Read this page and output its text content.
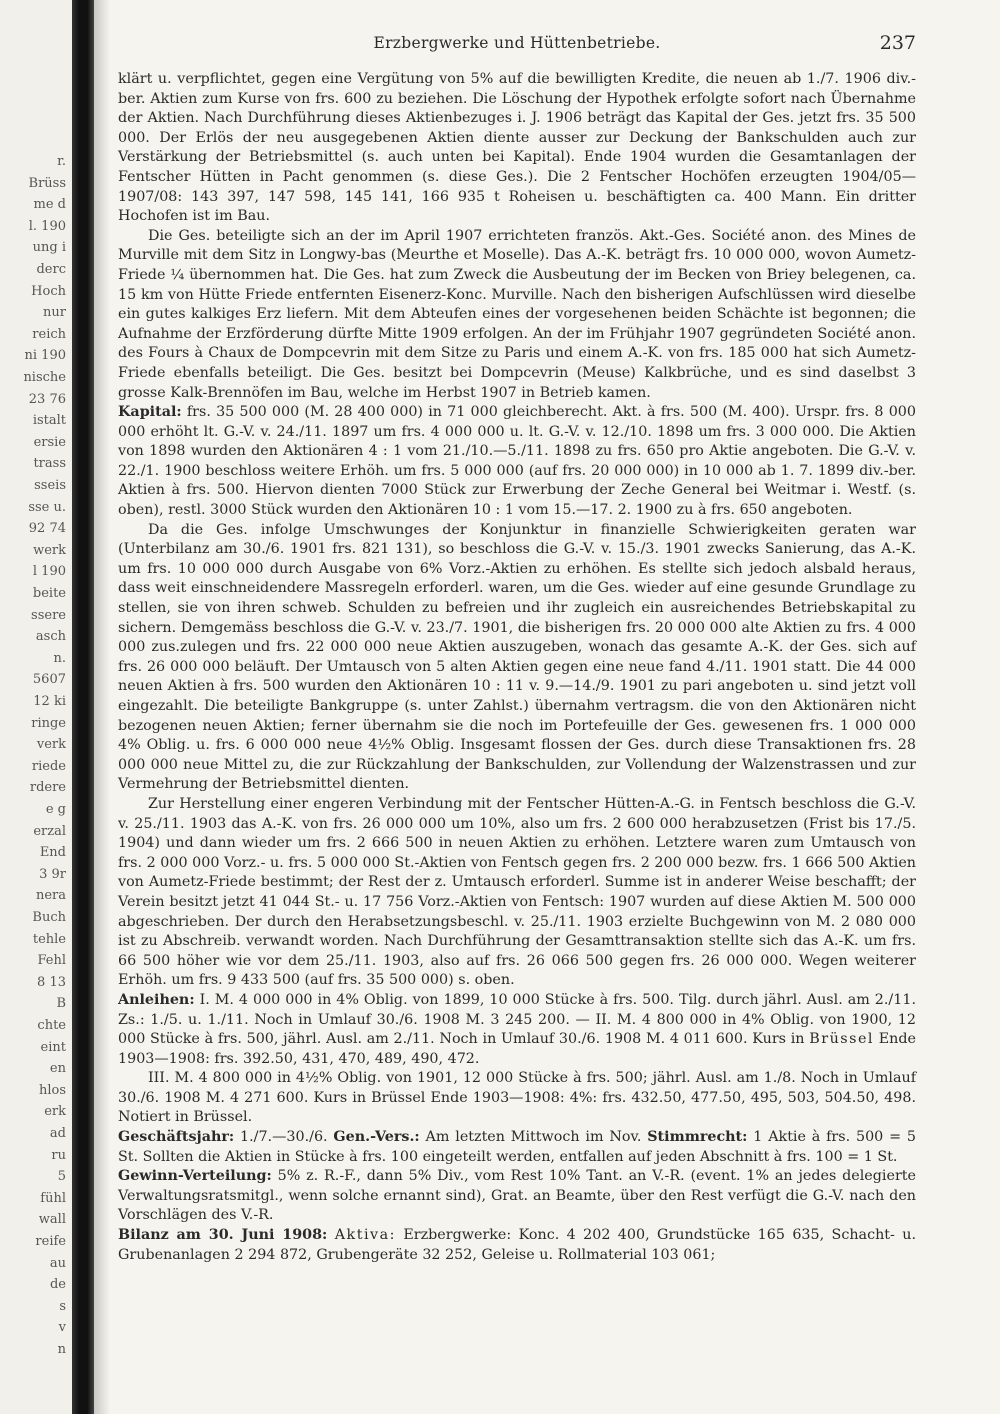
r.
Brüss
me d
l. 190
ung i
derc
Hoch
nur
reich
ni 190
nische
23 76
istalt
ersie
trass
sseis
sse u.
92 74
werk
l 190
beite
ssere
asch
n.
5607
12 ki
ringe
verk
riede
rdere
e g
erzal
End
3 9r
nera
Buch
tehle
Fehl
8 13
B
chte
eint
en
hlos
erk
ad
ru
5
fühl
wall
reife
au
de
s
v
n
Erzbergwerke und Hüttenbetriebe.	237

klärt u. verpflichtet, gegen eine Vergütung von 5% auf die bewilligten Kredite, die neuen ab 1./7. 1906 div.-ber. Aktien zum Kurse von frs. 600 zu beziehen. Die Löschung der Hypothek erfolgte sofort nach Übernahme der Aktien. Nach Durchführung dieses Aktienbezuges i. J. 1906 beträgt das Kapital der Ges. jetzt frs. 35 500 000. Der Erlös der neu ausgegebenen Aktien diente ausser zur Deckung der Bankschulden auch zur Verstärkung der Betriebsmittel (s. auch unten bei Kapital). Ende 1904 wurden die Gesamtanlagen der Fentscher Hütten in Pacht genommen (s. diese Ges.). Die 2 Fentscher Hochöfen erzeugten 1904/05—1907/08: 143 397, 147 598, 145 141, 166 935 t Roheisen u. beschäftigten ca. 400 Mann. Ein dritter Hochofen ist im Bau.

Die Ges. beteiligte sich an der im April 1907 errichteten französ. Akt.-Ges. Société anon. des Mines de Murville mit dem Sitz in Longwy-bas (Meurthe et Moselle). Das A.-K. beträgt frs. 10 000 000, wovon Aumetz-Friede ¼ übernommen hat. Die Ges. hat zum Zweck die Ausbeutung der im Becken von Briey belegenen, ca. 15 km von Hütte Friede entfernten Eisenerz-Konc. Murville. Nach den bisherigen Aufschlüssen wird dieselbe ein gutes kalkiges Erz liefern. Mit dem Abteufen eines der vorgesehenen beiden Schächte ist begonnen; die Aufnahme der Erzförderung dürfte Mitte 1909 erfolgen. An der im Frühjahr 1907 gegründeten Société anon. des Fours à Chaux de Dompcevrin mit dem Sitze zu Paris und einem A.-K. von frs. 185 000 hat sich Aumetz-Friede ebenfalls beteiligt. Die Ges. besitzt bei Dompcevrin (Meuse) Kalkbrüche, und es sind daselbst 3 grosse Kalk-Brennöfen im Bau, welche im Herbst 1907 in Betrieb kamen.

Kapital: frs. 35 500 000 (M. 28 400 000) in 71 000 gleichberecht. Akt. à frs. 500 (M. 400). Urspr. frs. 8 000 000 erhöht lt. G.-V. v. 24./11. 1897 um frs. 4 000 000 u. lt. G.-V. v. 12./10. 1898 um frs. 3 000 000. Die Aktien von 1898 wurden den Aktionären 4 : 1 vom 21./10.—5./11. 1898 zu frs. 650 pro Aktie angeboten. Die G.-V. v. 22./1. 1900 beschloss weitere Erhöh. um frs. 5 000 000 (auf frs. 20 000 000) in 10 000 ab 1. 7. 1899 div.-ber. Aktien à frs. 500. Hiervon dienten 7000 Stück zur Erwerbung der Zeche General bei Weitmar i. Westf. (s. oben), restl. 3000 Stück wurden den Aktionären 10 : 1 vom 15.—17. 2. 1900 zu à frs. 650 angeboten.

Da die Ges. infolge Umschwunges der Konjunktur in finanzielle Schwierigkeiten geraten war (Unterbilanz am 30./6. 1901 frs. 821 131), so beschloss die G.-V. v. 15./3. 1901 zwecks Sanierung, das A.-K. um frs. 10 000 000 durch Ausgabe von 6% Vorz.-Aktien zu erhöhen. Es stellte sich jedoch alsbald heraus, dass weit einschneidendere Massregeln erforderl. waren, um die Ges. wieder auf eine gesunde Grundlage zu stellen, sie von ihren schweb. Schulden zu befreien und ihr zugleich ein ausreichendes Betriebskapital zu sichern. Demgemäss beschloss die G.-V. v. 23./7. 1901, die bisherigen frs. 20 000 000 alte Aktien zu frs. 4 000 000 zus.zulegen und frs. 22 000 000 neue Aktien auszugeben, wonach das gesamte A.-K. der Ges. sich auf frs. 26 000 000 beläuft. Der Umtausch von 5 alten Aktien gegen eine neue fand 4./11. 1901 statt. Die 44 000 neuen Aktien à frs. 500 wurden den Aktionären 10 : 11 v. 9.—14./9. 1901 zu pari angeboten u. sind jetzt voll eingezahlt. Die beteiligte Bankgruppe (s. unter Zahlst.) übernahm vertragsm. die von den Aktionären nicht bezogenen neuen Aktien; ferner übernahm sie die noch im Portefeuille der Ges. gewesenen frs. 1 000 000 4% Oblig. u. frs. 6 000 000 neue 4½% Oblig. Insgesamt flossen der Ges. durch diese Transaktionen frs. 28 000 000 neue Mittel zu, die zur Rückzahlung der Bankschulden, zur Vollendung der Walzenstrassen und zur Vermehrung der Betriebsmittel dienten.

Zur Herstellung einer engeren Verbindung mit der Fentscher Hütten-A.-G. in Fentsch beschloss die G.-V. v. 25./11. 1903 das A.-K. von frs. 26 000 000 um 10%, also um frs. 2 600 000 herabzusetzen (Frist bis 17./5. 1904) und dann wieder um frs. 2 666 500 in neuen Aktien zu erhöhen. Letztere waren zum Umtausch von frs. 2 000 000 Vorz.- u. frs. 5 000 000 St.-Aktien von Fentsch gegen frs. 2 200 000 bezw. frs. 1 666 500 Aktien von Aumetz-Friede bestimmt; der Rest der z. Umtausch erforderl. Summe ist in anderer Weise beschafft; der Verein besitzt jetzt 41 044 St.- u. 17 756 Vorz.-Aktien von Fentsch: 1907 wurden auf diese Aktien M. 500 000 abgeschrieben. Der durch den Herabsetzungsbeschl. v. 25./11. 1903 erzielte Buchgewinn von M. 2 080 000 ist zu Abschreib. verwandt worden. Nach Durchführung der Gesamttransaktion stellte sich das A.-K. um frs. 66 500 höher wie vor dem 25./11. 1903, also auf frs. 26 066 500 gegen frs. 26 000 000. Wegen weiterer Erhöh. um frs. 9 433 500 (auf frs. 35 500 000) s. oben.

Anleihen: I. M. 4 000 000 in 4% Oblig. von 1899, 10 000 Stücke à frs. 500. Tilg. durch jährl. Ausl. am 2./11. Zs.: 1./5. u. 1./11. Noch in Umlauf 30./6. 1908 M. 3 245 200. — II. M. 4 800 000 in 4% Oblig. von 1900, 12 000 Stücke à frs. 500, jährl. Ausl. am 2./11. Noch in Umlauf 30./6. 1908 M. 4 011 600. Kurs in Brüssel Ende 1903—1908: frs. 392.50, 431, 470, 489, 490, 472.

III. M. 4 800 000 in 4½% Oblig. von 1901, 12 000 Stücke à frs. 500; jährl. Ausl. am 1./8. Noch in Umlauf 30./6. 1908 M. 4 271 600. Kurs in Brüssel Ende 1903—1908: 4%: frs. 432.50, 477.50, 495, 503, 504.50, 498. Notiert in Brüssel.

Geschäftsjahr: 1./7.—30./6. Gen.-Vers.: Am letzten Mittwoch im Nov. Stimmrecht: 1 Aktie à frs. 500 = 5 St. Sollten die Aktien in Stücke à frs. 100 eingeteilt werden, entfallen auf jeden Abschnitt à frs. 100 = 1 St.

Gewinn-Verteilung: 5% z. R.-F., dann 5% Div., vom Rest 10% Tant. an V.-R. (event. 1% an jedes delegierte Verwaltungsratsmitgl., wenn solche ernannt sind), Grat. an Beamte, über den Rest verfügt die G.-V. nach den Vorschlägen des V.-R.

Bilanz am 30. Juni 1908: Aktiva: Erzbergwerke: Konc. 4 202 400, Grundstücke 165 635, Schacht- u. Grubenanlagen 2 294 872, Grubengeräte 32 252, Geleise u. Rollmaterial 103 061;
